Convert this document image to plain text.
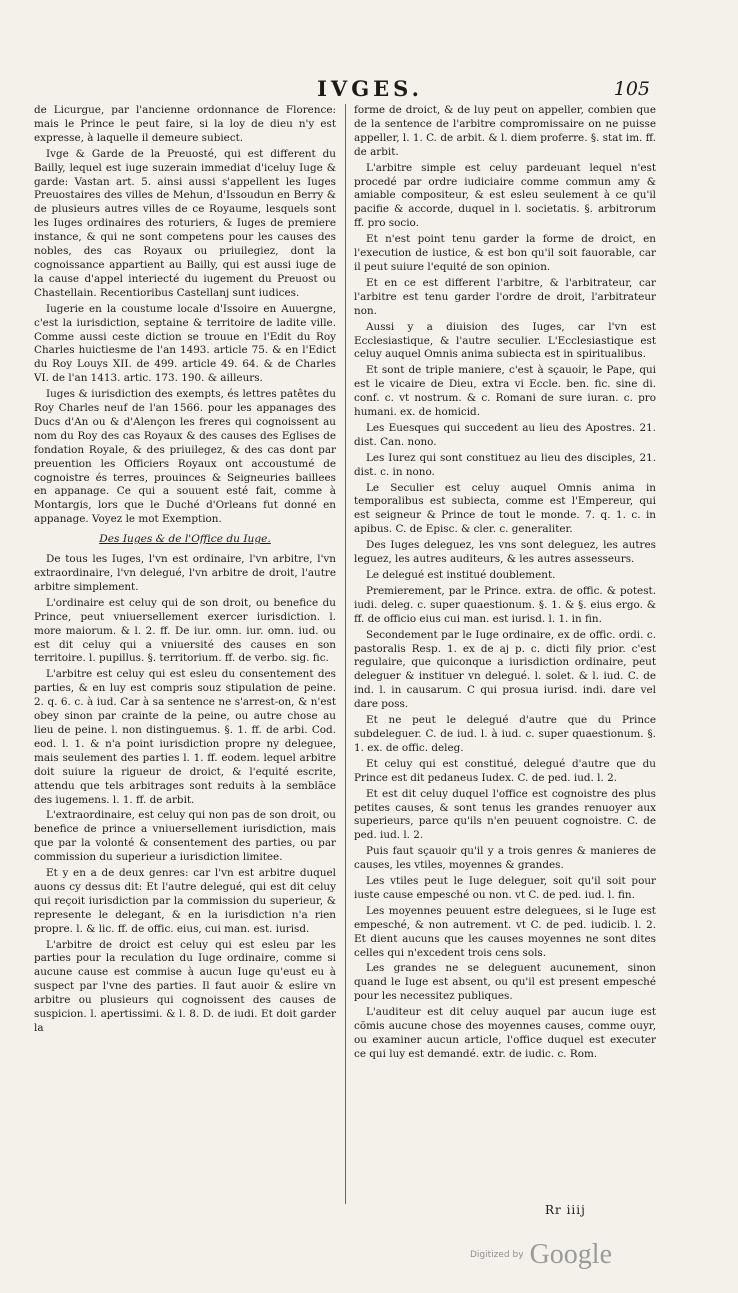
IVGES.	105

de Licurgue, par l'ancienne ordonnance de Florence: mais le Prince le peut faire, si la loy de dieu n'y est expresse, à laquelle il demeure subiect.

Ivge & Garde de la Preuosté, qui est different du Bailly, lequel est iuge suzerain immediat d'iceluy Iuge & garde: Vastan art. 5. ainsi aussi s'appellent les Iuges Preuostaires des villes de Mehun, d'Issoudun en Berry & de plusieurs autres villes de ce Royaume, lesquels sont les Iuges ordinaires des roturiers, & Iuges de premiere instance, & qui ne sont competens pour les causes des nobles, des cas Royaux ou priuilegiez, dont la cognoissance appartient au Bailly, qui est aussi iuge de la cause d'appel interiecté du iugement du Preuost ou Chastellain. Recentioribus Castellanj sunt iudices.

Iugerie en la coustume locale d'Issoire en Auuergne, c'est la iurisdiction, septaine & territoire de ladite ville. Comme aussi ceste diction se trouue en l'Edit du Roy Charles huictiesme de l'an 1493. article 75. & en l'Edict du Roy Louys XII. de 499. article 49. 64. & de Charles VI. de l'an 1413. artic. 173. 190. & ailleurs.

Iuges & iurisdiction des exempts, és lettres patêtes du Roy Charles neuf de l'an 1566. pour les appanages des Ducs d'An ou & d'Alençon les freres qui cognoissent au nom du Roy des cas Royaux & des causes des Eglises de fondation Royale, & des priuilegez, & des cas dont par preuention les Officiers Royaux ont accoustumé de cognoistre és terres, prouinces & Seigneuries baillees en appanage. Ce qui a souuent esté fait, comme à Montargis, lors que le Duché d'Orleans fut donné en appanage. Voyez le mot Exemption.

Des Iuges & de l'Office du Iuge.

De tous les Iuges, l'vn est ordinaire, l'vn arbitre, l'vn extraordinaire, l'vn delegué, l'vn arbitre de droit, l'autre arbitre simplement.

L'ordinaire est celuy qui de son droit, ou benefice du Prince, peut vniuersellement exercer iurisdiction. l. more maiorum. & l. 2. ff. De iur. omn. iur. omn. iud. ou est dit celuy qui a vniuersité des causes en son territoire. l. pupillus. §. territorium. ff. de verbo. sig. fic.

L'arbitre est celuy qui est esleu du consentement des parties, & en luy est compris souz stipulation de peine. 2. q. 6. c. à iud. Car à sa sentence ne s'arrest-on, & n'est obey sinon par crainte de la peine, ou autre chose au lieu de peine. l. non distinguemus. §. 1. ff. de arbi. Cod. eod. l. 1. & n'a point iurisdiction propre ny deleguee, mais seulement des parties l. 1. ff. eodem. lequel arbitre doit suiure la rigueur de droict, & l'equité escrite, attendu que tels arbitrages sont reduits à la semblãce des iugemens. l. 1. ff. de arbit.

L'extraordinaire, est celuy qui non pas de son droit, ou benefice de prince a vniuersellement iurisdiction, mais que par la volonté & consentement des parties, ou par commission du superieur a iurisdiction limitee.

Et y en a de deux genres: car l'vn est arbitre duquel auons cy dessus dit: Et l'autre delegué, qui est dit celuy qui reçoit iurisdiction par la commission du superieur, & represente le delegant, & en la iurisdiction n'a rien propre. l. & lic. ff. de offic. eius, cui man. est. iurisd.

L'arbitre de droict est celuy qui est esleu par les parties pour la reculation du Iuge ordinaire, comme si aucune cause est commise à aucun Iuge qu'eust eu à suspect par l'vne des parties. Il faut auoir & eslire vn arbitre ou plusieurs qui cognoissent des causes de suspicion. l. apertissimi. & l. 8. D. de iudi. Et doit garder la

forme de droict, & de luy peut on appeller, combien que de la sentence de l'arbitre compromissaire on ne puisse appeller, l. 1. C. de arbit. & l. diem proferre. §. stat im. ff. de arbit.

L'arbitre simple est celuy pardeuant lequel n'est procedé par ordre iudiciaire comme commun amy & amiable compositeur, & est esleu seulement à ce qu'il pacifie & accorde, duquel in l. societatis. §. arbitrorum ff. pro socio.

Et n'est point tenu garder la forme de droict, en l'execution de iustice, & est bon qu'il soit fauorable, car il peut suiure l'equité de son opinion.

Et en ce est different l'arbitre, & l'arbitrateur, car l'arbitre est tenu garder l'ordre de droit, l'arbitrateur non.

Aussi y a diuision des Iuges, car l'vn est Ecclesiastique, & l'autre seculier. L'Ecclesiastique est celuy auquel Omnis anima subiecta est in spiritualibus.

Et sont de triple maniere, c'est à sçauoir, le Pape, qui est le vicaire de Dieu, extra vi Eccle. ben. fic. sine di. conf. c. vt nostrum. & c. Romani de sure iuran. c. pro humani. ex. de homicid.

Les Euesques qui succedent au lieu des Apostres. 21. dist. Can. nono.

Les Iurez qui sont constituez au lieu des disciples, 21. dist. c. in nono.

Le Seculier est celuy auquel Omnis anima in temporalibus est subiecta, comme est l'Empereur, qui est seigneur & Prince de tout le monde. 7. q. 1. c. in apibus. C. de Episc. & cler. c. generaliter.

Des Iuges deleguez, les vns sont deleguez, les autres leguez, les autres auditeurs, & les autres assesseurs.

Le delegué est institué doublement.

Premierement, par le Prince. extra. de offic. & potest. iudi. deleg. c. super quaestionum. §. 1. & §. eius ergo. & ff. de officio eius cui man. est iurisd. l. 1. in fin.

Secondement par le Iuge ordinaire, ex de offic. ordi. c. pastoralis Resp. 1. ex de aj p. c. dicti fily prior. c'est regulaire, que quiconque a iurisdiction ordinaire, peut deleguer & instituer vn delegué. l. solet. & l. iud. C. de ind. l. in causarum. C qui prosua iurisd. indi. dare vel dare poss.

Et ne peut le delegué d'autre que du Prince subdeleguer. C. de iud. l. à iud. c. super quaestionum. §. 1. ex. de offic. deleg.

Et celuy qui est constitué, delegué d'autre que du Prince est dit pedaneus Iudex. C. de ped. iud. l. 2.

Et est dit celuy duquel l'office est cognoistre des plus petites causes, & sont tenus les grandes renuoyer aux superieurs, parce qu'ils n'en peuuent cognoistre. C. de ped. iud. l. 2.

Puis faut sçauoir qu'il y a trois genres & manieres de causes, les vtiles, moyennes & grandes.

Les vtiles peut le Iuge deleguer, soit qu'il soit pour iuste cause empesché ou non. vt C. de ped. iud. l. fin.

Les moyennes peuuent estre deleguees, si le Iuge est empesché, & non autrement. vt C. de ped. iudicib. l. 2. Et dient aucuns que les causes moyennes ne sont dites celles qui n'excedent trois cens sols.

Les grandes ne se deleguent aucunement, sinon quand le Iuge est absent, ou qu'il est present empesché pour les necessitez publiques.

L'auditeur est dit celuy auquel par aucun iuge est cõmis aucune chose des moyennes causes, comme ouyr, ou examiner aucun article, l'office duquel est executer ce qui luy est demandé. extr. de iudic. c. Rom.

Rr iiij
Digitized by Google
